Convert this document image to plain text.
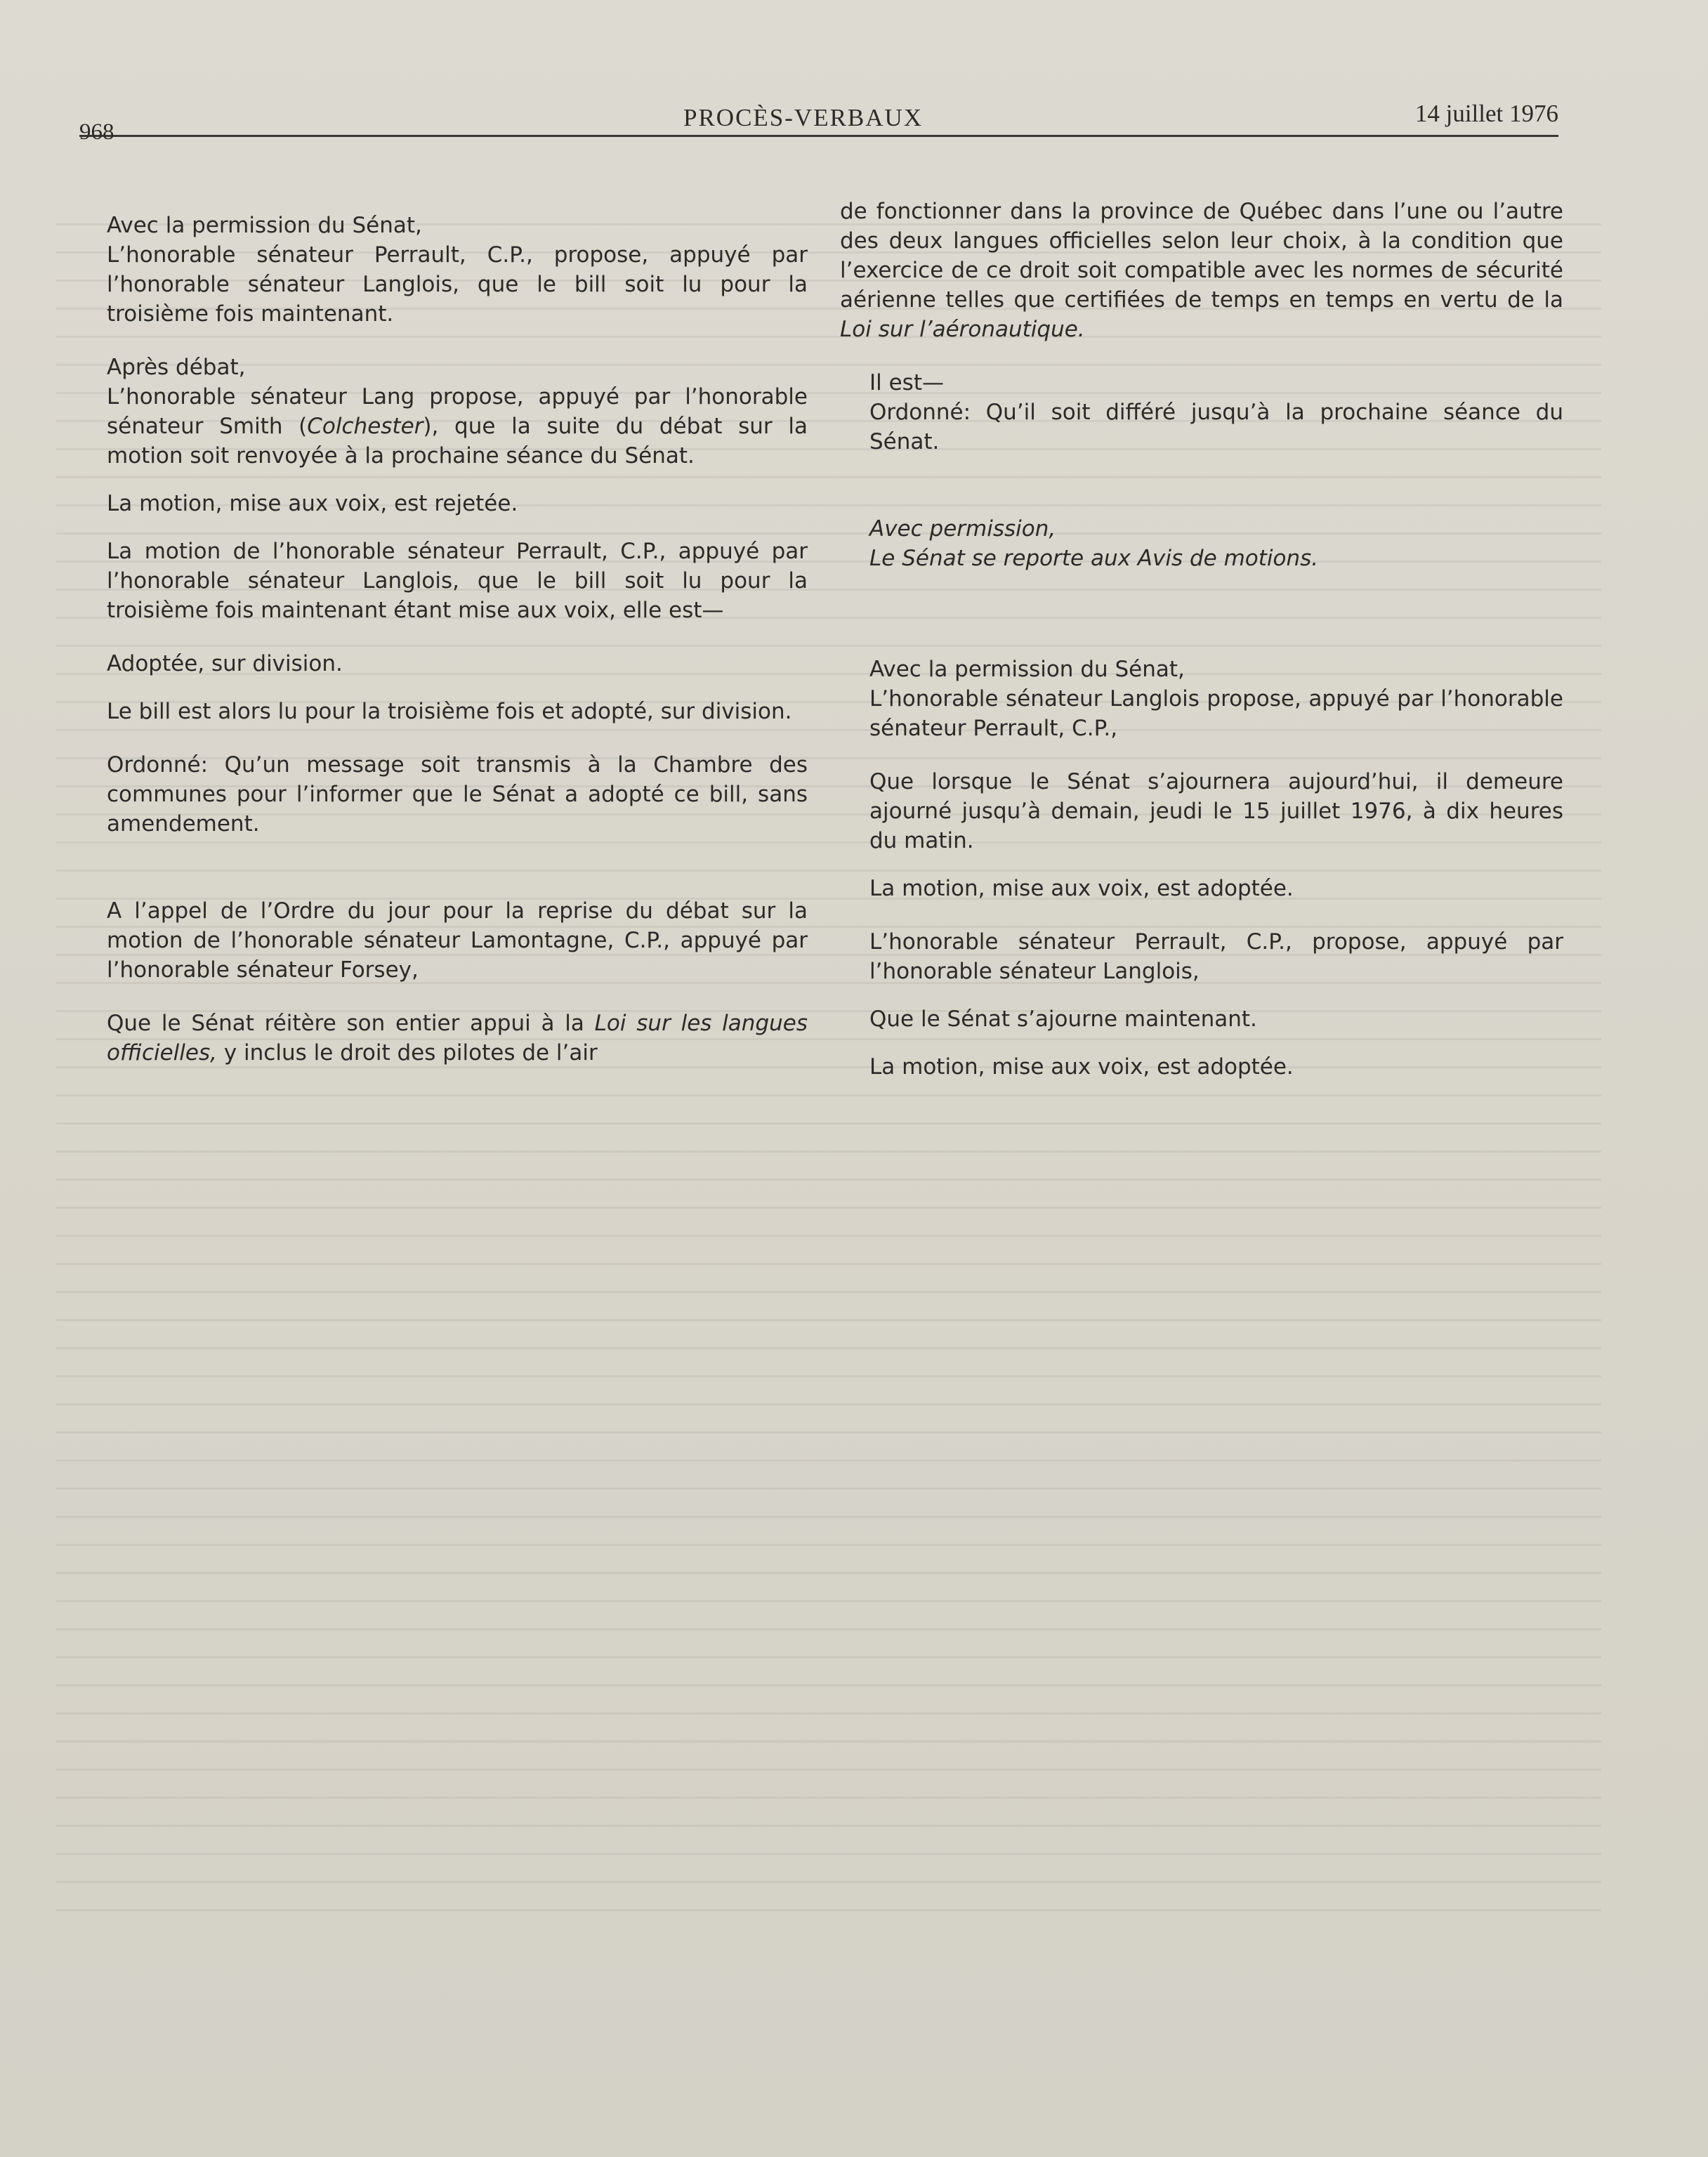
968
PROCÈS-VERBAUX	14 juillet 1976

Avec la permission du Sénat,

L’honorable sénateur Perrault, C.P., propose, appuyé par l’honorable sénateur Langlois, que le bill soit lu pour la troisième fois maintenant.

Après débat,

L’honorable sénateur Lang propose, appuyé par l’honorable sénateur Smith (Colchester), que la suite du débat sur la motion soit renvoyée à la prochaine séance du Sénat.

La motion, mise aux voix, est rejetée.

La motion de l’honorable sénateur Perrault, C.P., appuyé par l’honorable sénateur Langlois, que le bill soit lu pour la troisième fois maintenant étant mise aux voix, elle est—

Adoptée, sur division.

Le bill est alors lu pour la troisième fois et adopté, sur division.

Ordonné: Qu’un message soit transmis à la Chambre des communes pour l’informer que le Sénat a adopté ce bill, sans amendement.

A l’appel de l’Ordre du jour pour la reprise du débat sur la motion de l’honorable sénateur Lamontagne, C.P., appuyé par l’honorable sénateur Forsey,

Que le Sénat réitère son entier appui à la Loi sur les langues officielles, y inclus le droit des pilotes de l’air

de fonctionner dans la province de Québec dans l’une ou l’autre des deux langues officielles selon leur choix, à la condition que l’exercice de ce droit soit compatible avec les normes de sécurité aérienne telles que certifiées de temps en temps en vertu de la Loi sur l’aéronautique.

Il est—

Ordonné: Qu’il soit différé jusqu’à la prochaine séance du Sénat.

Avec permission,

Le Sénat se reporte aux Avis de motions.

Avec la permission du Sénat,

L’honorable sénateur Langlois propose, appuyé par l’honorable sénateur Perrault, C.P.,

Que lorsque le Sénat s’ajournera aujourd’hui, il demeure ajourné jusqu’à demain, jeudi le 15 juillet 1976, à dix heures du matin.

La motion, mise aux voix, est adoptée.

L’honorable sénateur Perrault, C.P., propose, appuyé par l’honorable sénateur Langlois,

Que le Sénat s’ajourne maintenant.

La motion, mise aux voix, est adoptée.
